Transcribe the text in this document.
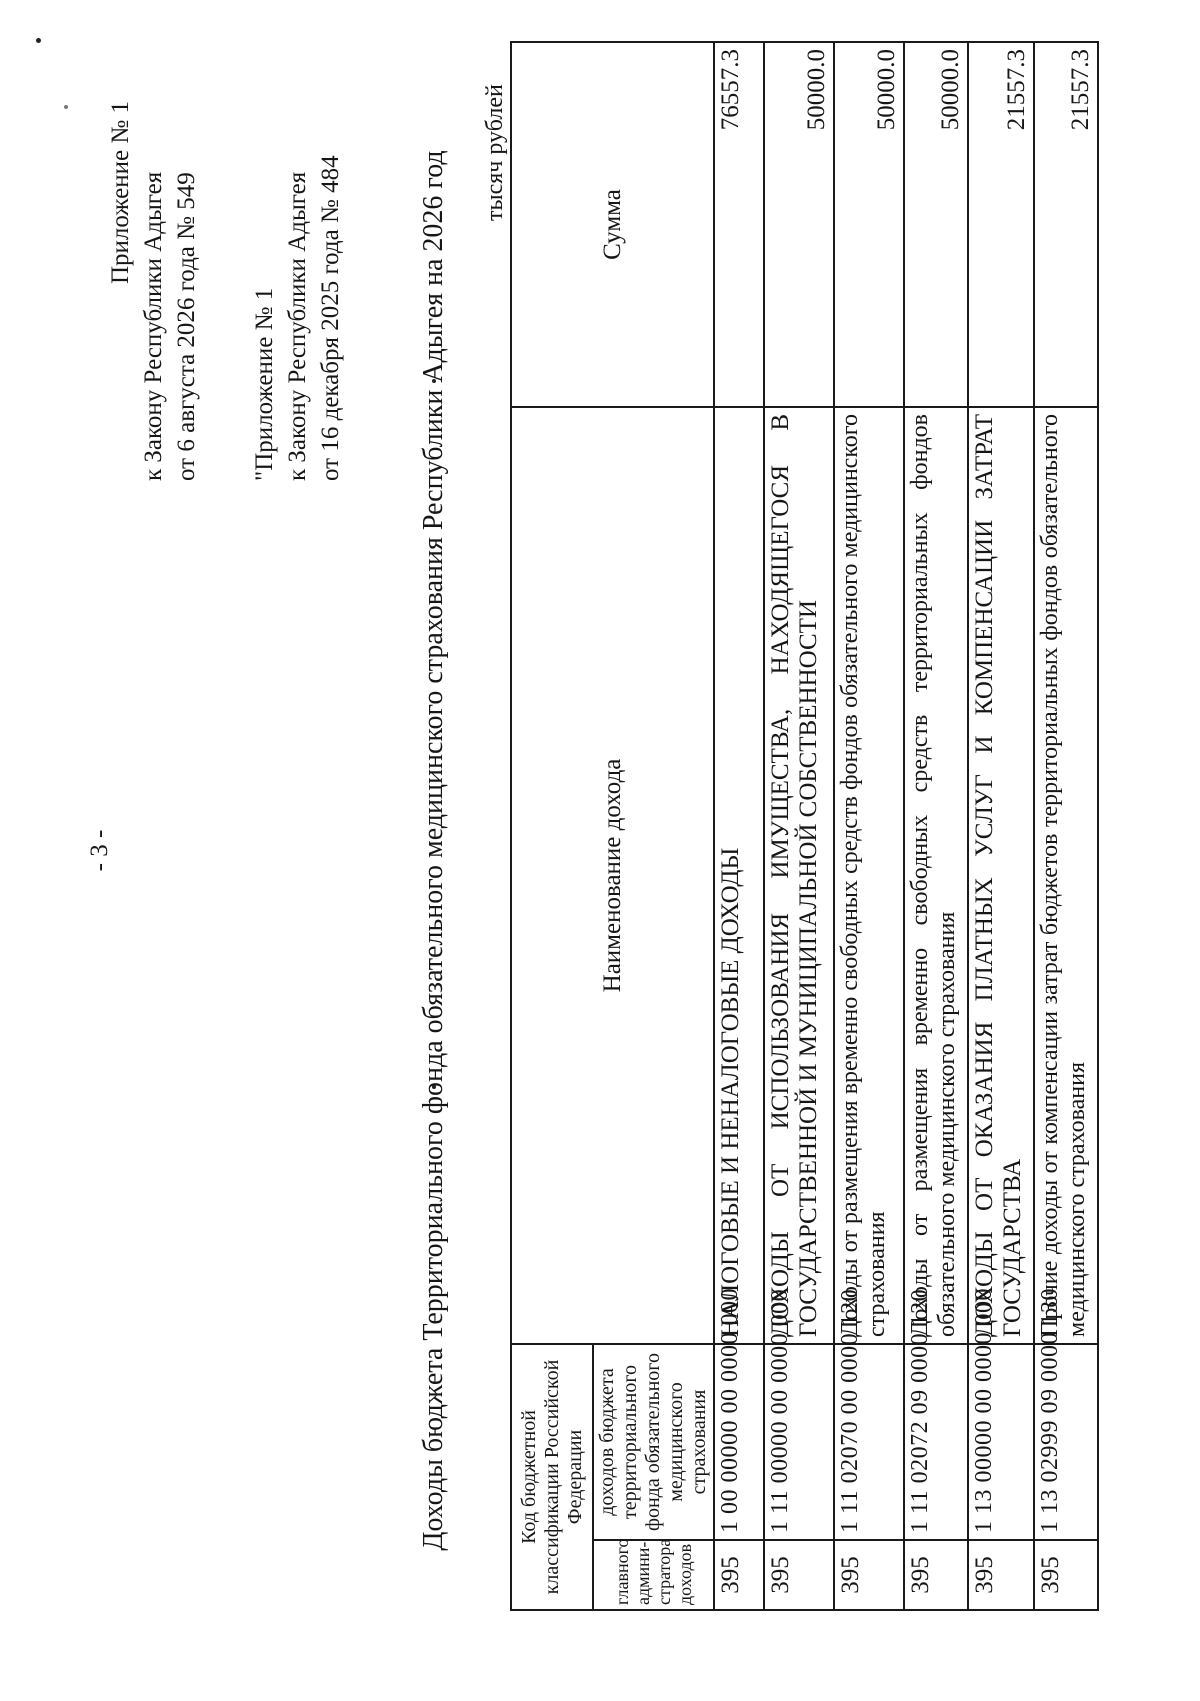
- 3 -
Приложение № 1 к Закону Республики Адыгея от 6 августа 2026 года № 549 "Приложение № 1 к Закону Республики Адыгея от 16 декабря 2025 года № 484	Доходы бюджета Территориального фонда обязательного медицинского страхования Республики Адыгея на 2026 год тысяч рублей
Код бюджетной классификации Российской Федерации		Наименование дохода	Сумма
главного админи-стратора доходов	доходов бюджета территориального фонда обязательного медицинского страхования		
395	1 00 00000 00 0000 000	НАЛОГОВЫЕ И НЕНАЛОГОВЫЕ ДОХОДЫ	76557.3
395	1 11 00000 00 0000 000	ДОХОДЫ ОТ ИСПОЛЬЗОВАНИЯ ИМУЩЕСТВА, НАХОДЯЩЕГОСЯ В ГОСУДАРСТВЕННОЙ И МУНИЦИПАЛЬНОЙ СОБСТВЕННОСТИ	50000.0
395	1 11 02070 00 0000 120	Доходы от размещения временно свободных средств фондов обязательного медицинского страхования	50000.0
395	1 11 02072 09 0000 120	Доходы от размещения временно свободных средств территориальных фондов обязательного медицинского страхования	50000.0
395	1 13 00000 00 0000 000	ДОХОДЫ ОТ ОКАЗАНИЯ ПЛАТНЫХ УСЛУГ И КОМПЕНСАЦИИ ЗАТРАТ ГОСУДАРСТВА	21557.3
395	1 13 02999 09 0000 130	Прочие доходы от компенсации затрат бюджетов территориальных фондов обязательного медицинского страхования	21557.3
